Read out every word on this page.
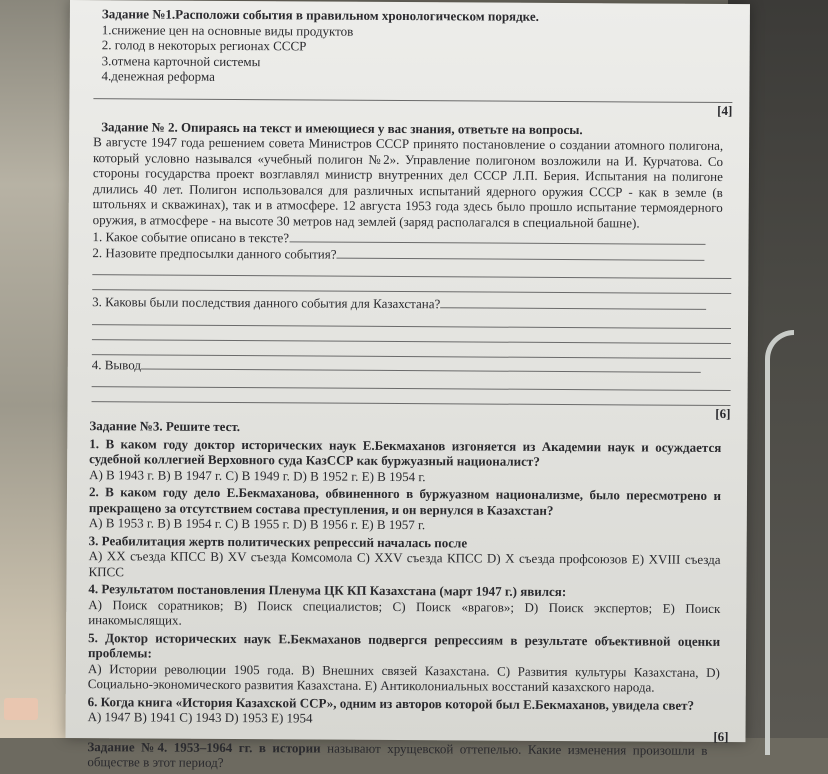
Задание №1.Расположи события в правильном хронологическом порядке.
1.снижение цен на основные виды продуктов
2. голод в некоторых регионах СССР
3.отмена карточной системы
4.денежная реформа
[4]
Задание № 2. Опираясь на текст и имеющиеся у вас знания, ответьте на вопросы.
В августе 1947 года решением совета Министров СССР принято постановление о создании атомного полигона, который условно назывался «учебный полигон №2». Управление полигоном возложили на И. Курчатова. Со стороны государства проект возглавлял министр внутренних дел СССР Л.П. Берия. Испытания на полигоне длились 40 лет. Полигон использовался для различных испытаний ядерного оружия СССР - как в земле (в штольнях и скважинах), так и в атмосфере. 12 августа 1953 года здесь было прошло испытание термоядерного оружия, в атмосфере - на высоте 30 метров над землей (заряд располагался в специальной башне).
1. Какое событие описано в тексте?
2. Назовите предпосылки данного события?
3. Каковы были последствия данного события для Казахстана?
4. Вывод
[6]
Задание №3. Решите тест.
1. В каком году доктор исторических наук Е.Бекмаханов изгоняется из Академии наук и осуждается судебной коллегией Верховного суда КазССР как буржуазный националист?
А) В 1943 г. В) В 1947 г. С) В 1949 г. D) В 1952 г. Е) В 1954 г.
2. В каком году дело Е.Бекмаханова, обвиненного в буржуазном национализме, было пересмотрено и прекращено за отсутствием состава преступления, и он вернулся в Казахстан?
А) В 1953 г. В) В 1954 г. С) В 1955 г. D) В 1956 г. Е) В 1957 г.
3. Реабилитация жертв политических репрессий началась после
А) XX съезда КПСС В) XV съезда Комсомола С) XXV съезда КПСС D) X съезда профсоюзов Е) XVIII съезда КПСС
4. Результатом постановления Пленума ЦК КП Казахстана (март 1947 г.) явился:
А) Поиск соратников; В) Поиск специалистов; С) Поиск «врагов»; D) Поиск экспертов; Е) Поиск инакомыслящих.
5. Доктор исторических наук Е.Бекмаханов подвергся репрессиям в результате объективной оценки проблемы:
А) Истории революции 1905 года. В) Внешних связей Казахстана. С) Развития культуры Казахстана, D) Социально-экономического развития Казахстана. Е) Антиколониальных восстаний казахского народа.
6. Когда книга «История Казахской ССР», одним из авторов которой был Е.Бекмаханов, увидела свет?
А) 1947 В) 1941 С) 1943 D) 1953 Е) 1954
[6]
Задание №4. 1953–1964 гг. в истории называют хрущевской оттепелью. Какие изменения произошли в обществе в этот период?
